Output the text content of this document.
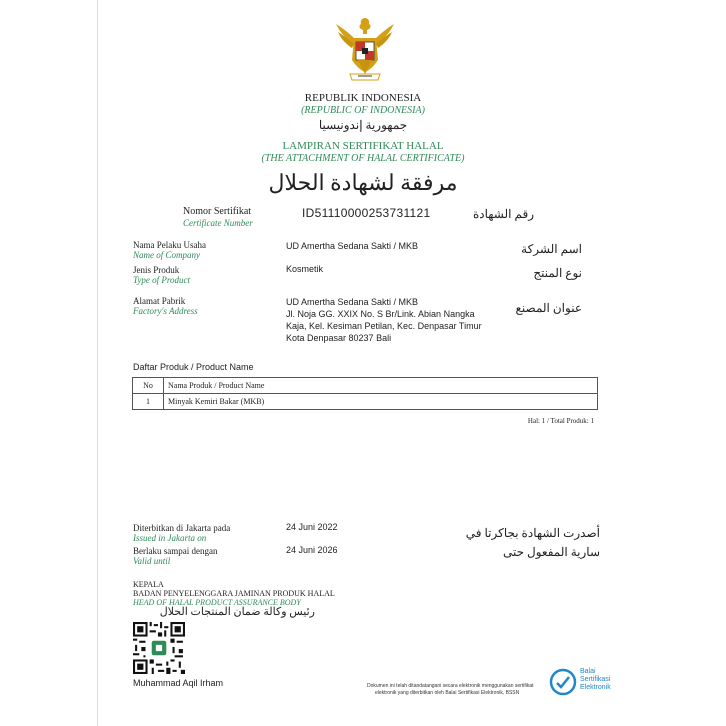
REPUBLIK INDONESIA
(REPUBLIC OF INDONESIA)
جمهورية إندونيسيا
LAMPIRAN SERTIFIKAT HALAL
(THE ATTACHMENT OF HALAL CERTIFICATE)
مرفقة لشهادة الحلال
Nomor Sertifikat
Certificate Number
ID51110000253731121	رقم الشهادة
Nama Pelaku Usaha
Name of Company
UD Amertha Sedana Sakti / MKB	اسم الشركة
Jenis Produk
Type of Product
Kosmetik	نوع المنتج
Alamat Pabrik
Factory's Address
UD Amertha Sedana Sakti / MKB
Jl. Noja GG. XXIX No. S Br/Link. Abian Nangka
Kaja, Kel. Kesiman Petilan, Kec. Denpasar Timur
Kota Denpasar 80237 Bali
عنوان المصنع
Daftar Produk / Product Name
No	Nama Produk / Product Name
1	Minyak Kemiri Bakar (MKB)
Hal: 1 / Total Produk: 1
Diterbitkan di Jakarta pada
Issued in Jakarta on
24 Juni 2022	أصدرت الشهادة بجاكرتا في
Berlaku sampai dengan
Valid until
24 Juni 2026	سارية المفعول حتى
KEPALA
BADAN PENYELENGGARA JAMINAN PRODUK HALAL
HEAD OF HALAL PRODUCT ASSURANCE BODY
رئيس وكالة ضمان المنتجات الحلال
Muhammad Aqil Irham	Dokumen ini telah ditandatangani secara elektronik menggunakan sertifikat
elektronik yang diterbitkan oleh Balai Sertifikasi Elektronik, BSSN
Balai
Sertifikasi
Elektronik
